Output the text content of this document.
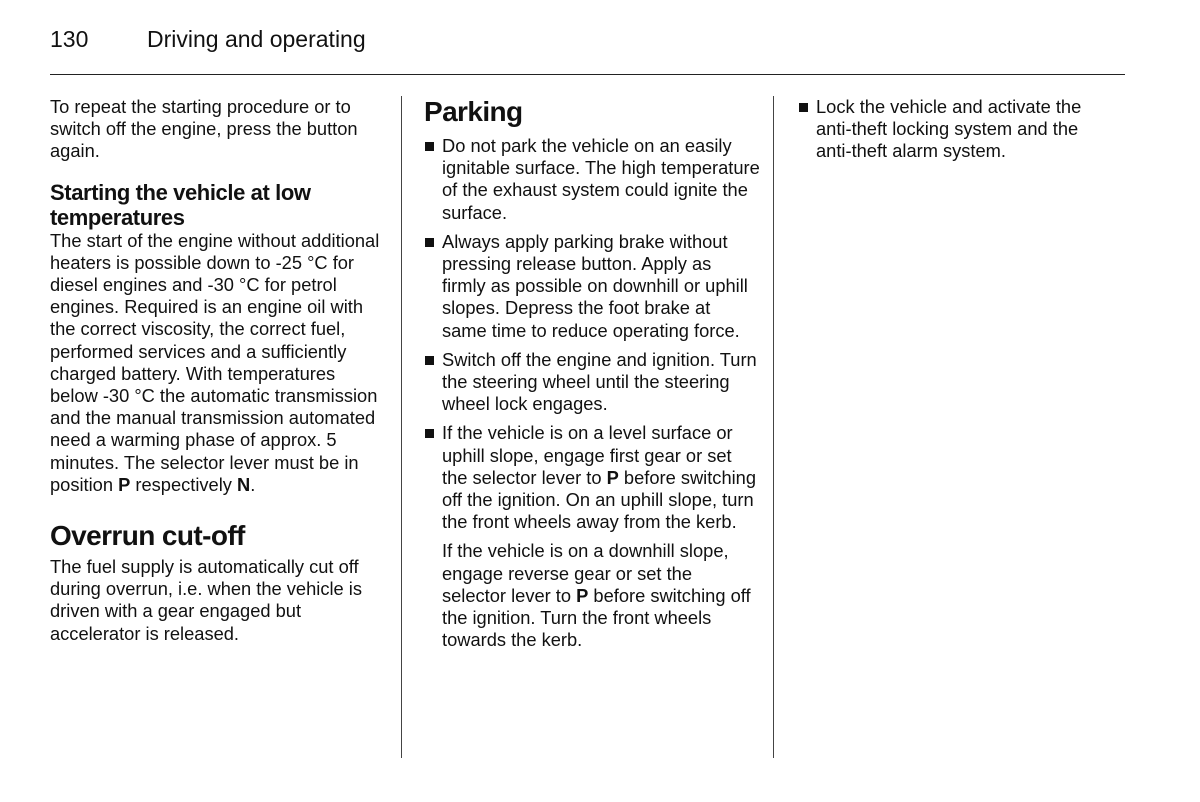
130	Driving and operating

To repeat the starting procedure or to switch off the engine, press the button again.

Starting the vehicle at low temperatures

The start of the engine without additional heaters is possible down to -25 °C for diesel engines and -30 °C for petrol engines. Required is an engine oil with the correct viscosity, the correct fuel, performed services and a sufficiently charged battery. With temperatures below -30 °C the automatic transmission and the manual transmission automated need a warming phase of approx. 5 minutes. The selector lever must be in position P respectively N.

Overrun cut-off

The fuel supply is automatically cut off during overrun, i.e. when the vehicle is driven with a gear engaged but accelerator is released.

Parking
Do not park the vehicle on an easily ignitable surface. The high temperature of the exhaust system could ignite the surface.
Always apply parking brake without pressing release button. Apply as firmly as possible on downhill or uphill slopes. Depress the foot brake at same time to reduce operating force.
Switch off the engine and ignition. Turn the steering wheel until the steering wheel lock engages.

If the vehicle is on a level surface or uphill slope, engage first gear or set the selector lever to P before switching off the ignition. On an uphill slope, turn the front wheels away from the kerb.

If the vehicle is on a downhill slope, engage reverse gear or set the selector lever to P before switching off the ignition. Turn the front wheels towards the kerb.

Lock the vehicle and activate the anti-theft locking system and the anti-theft alarm system.
